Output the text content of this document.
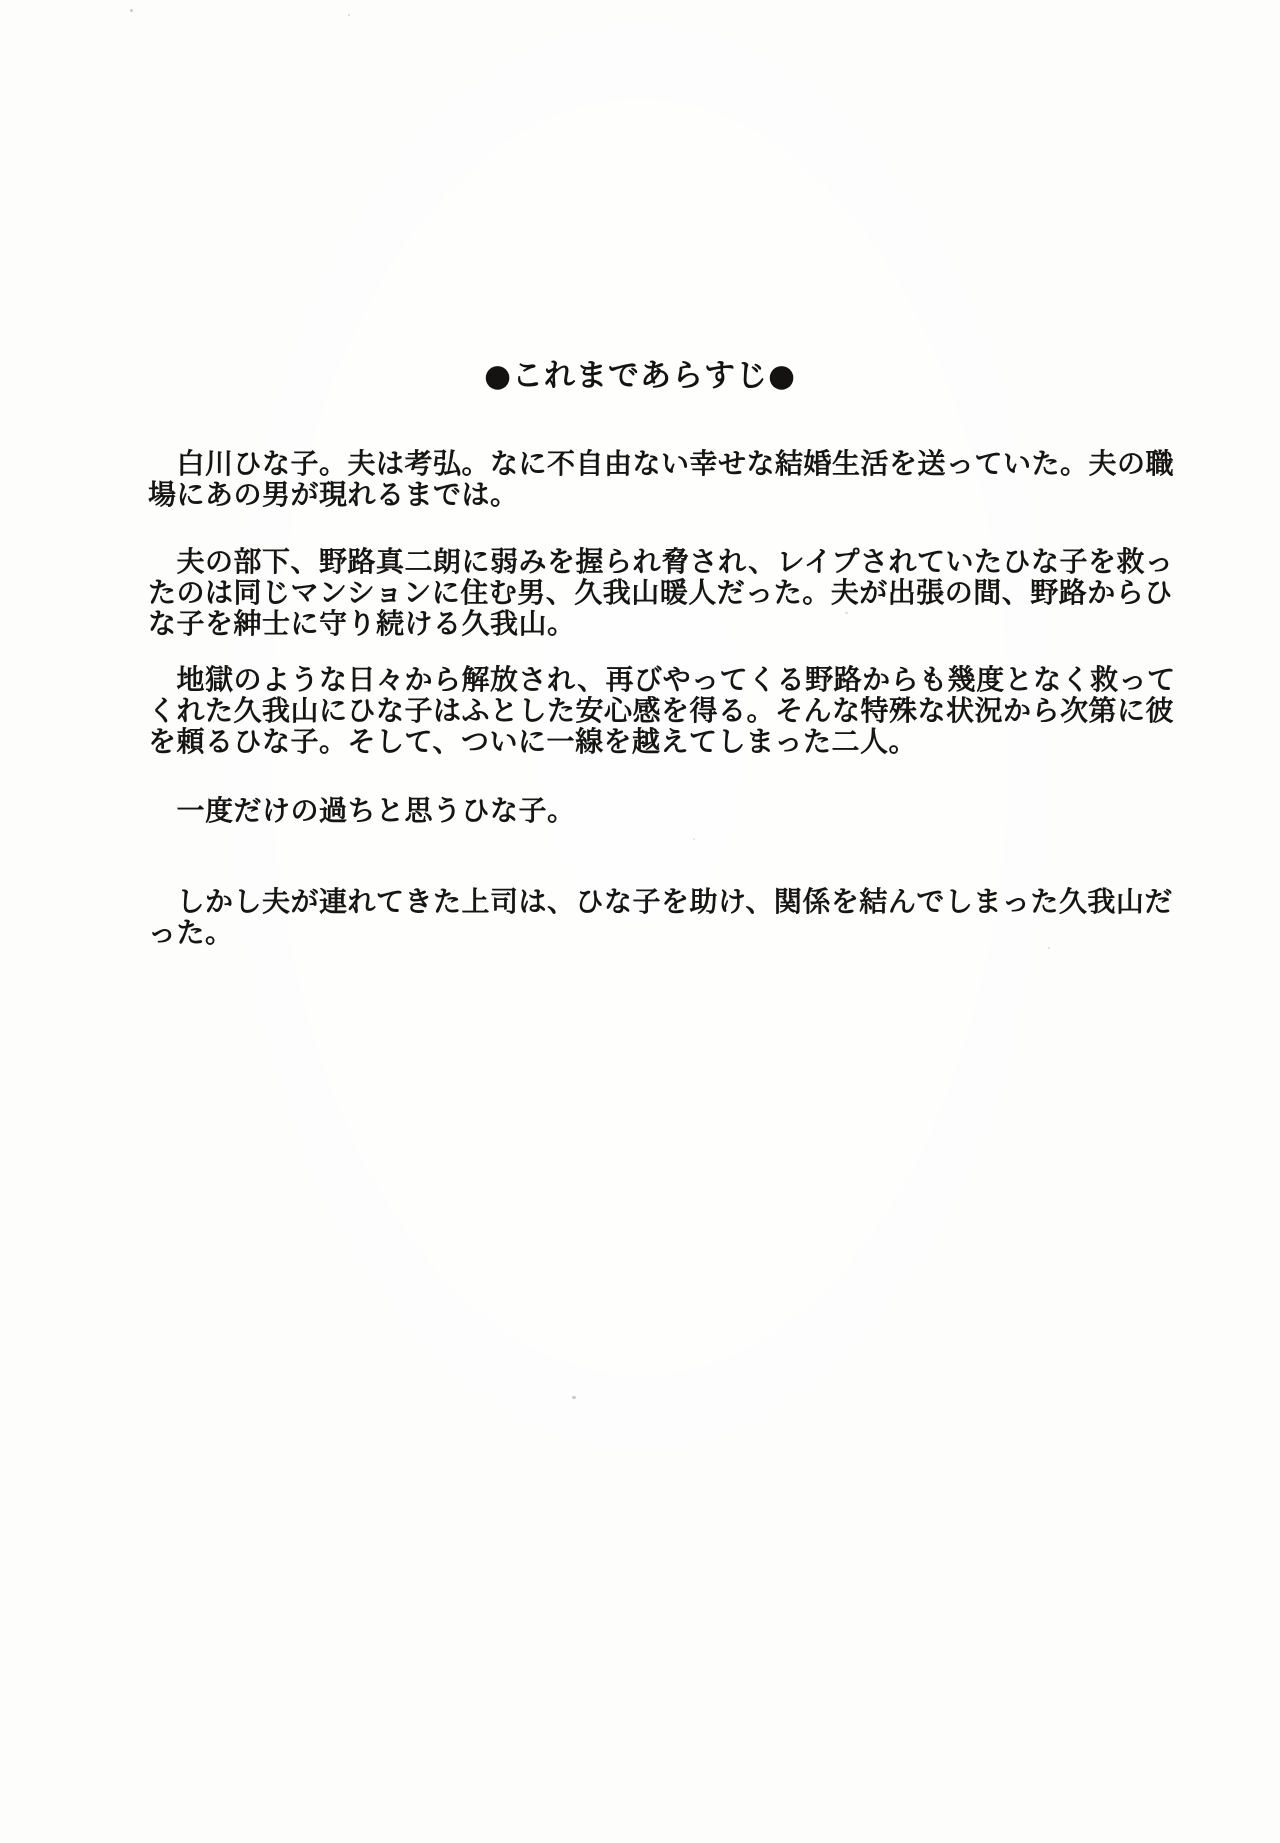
●これまであらすじ●

　白川ひな子。夫は考弘。なに不自由ない幸せな結婚生活を送っていた。夫の職
場にあの男が現れるまでは。

　夫の部下、野路真二朗に弱みを握られ脅され、レイプされていたひな子を救っ
たのは同じマンションに住む男、久我山暖人だった。夫が出張の間、野路からひ
な子を紳士に守り続ける久我山。

　地獄のような日々から解放され、再びやってくる野路からも幾度となく救って
くれた久我山にひな子はふとした安心感を得る。そんな特殊な状況から次第に彼
を頼るひな子。そして、ついに一線を越えてしまった二人。

　一度だけの過ちと思うひな子。

　しかし夫が連れてきた上司は、ひな子を助け、関係を結んでしまった久我山だ
った。
